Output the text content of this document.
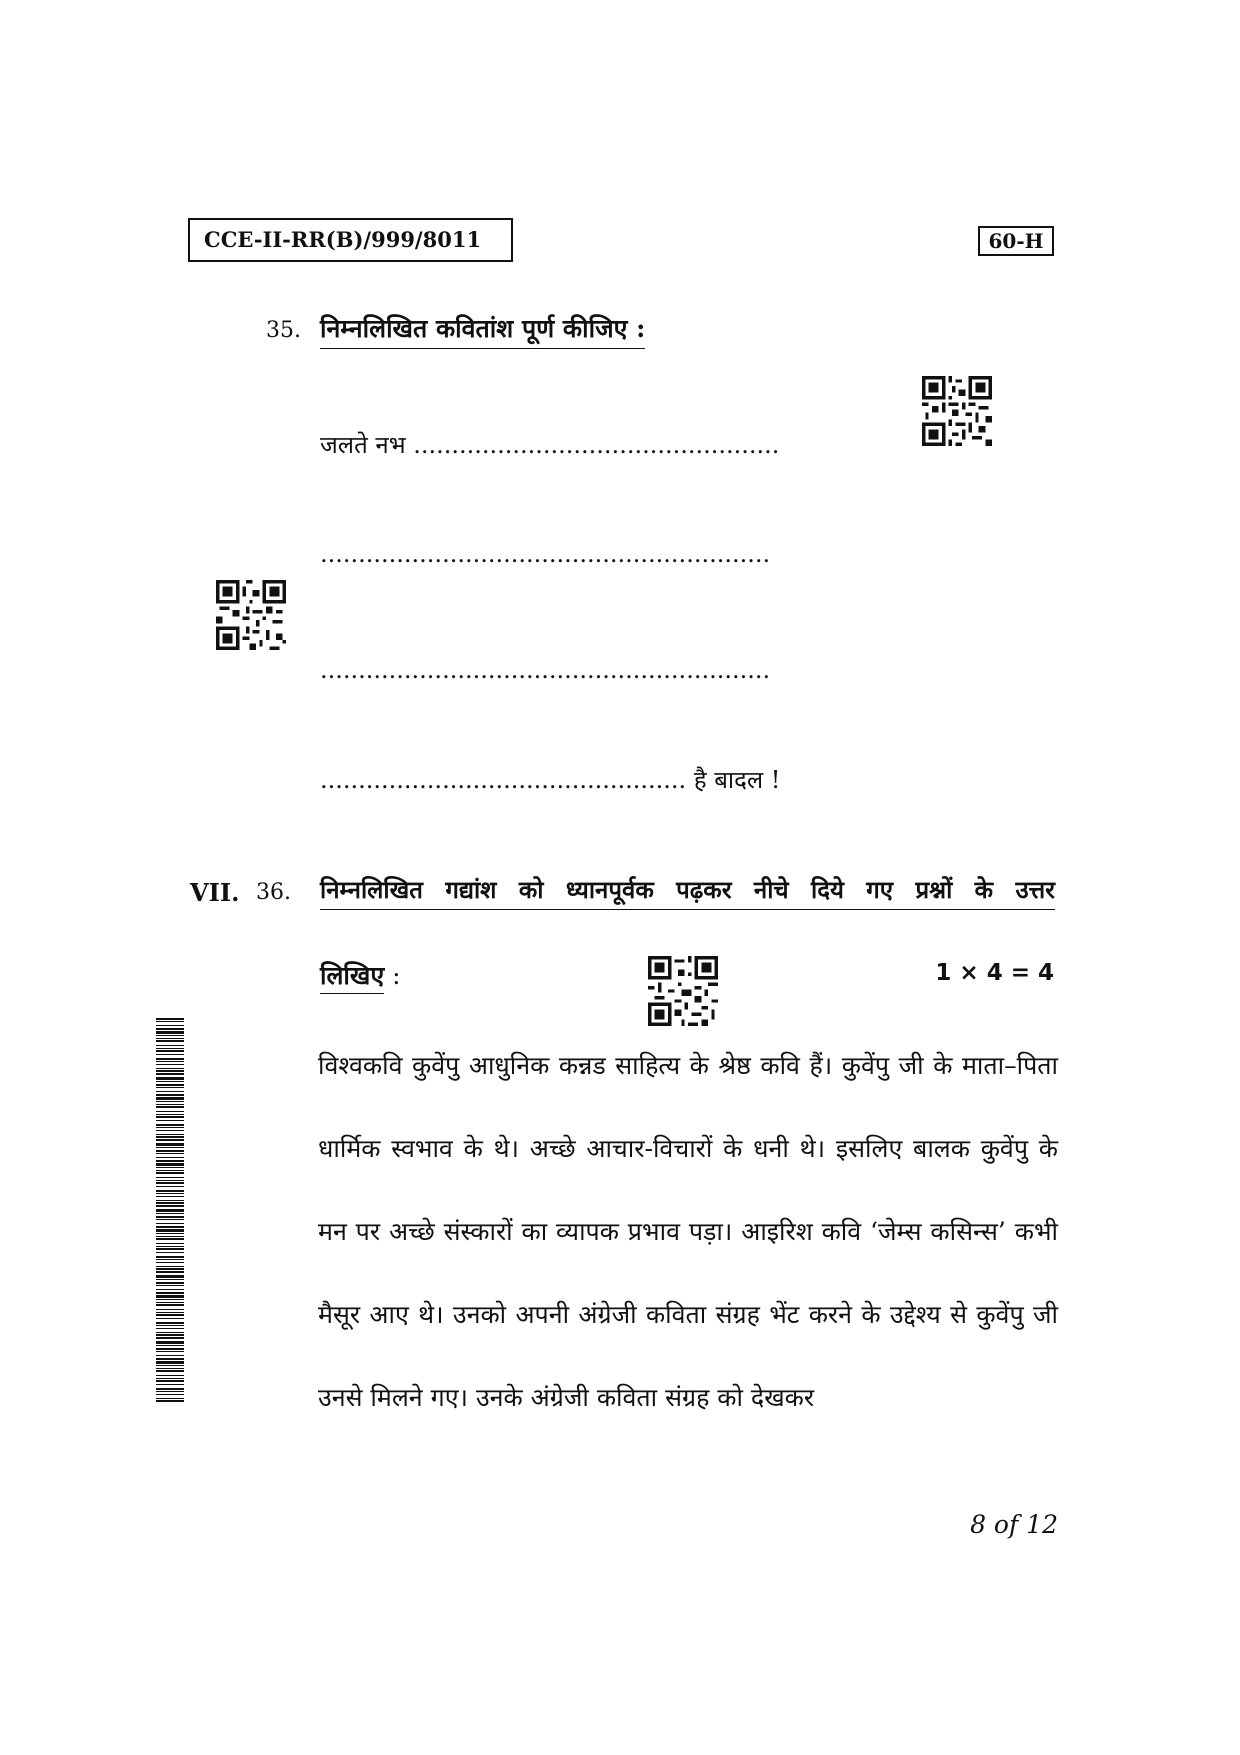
CCE-II-RR(B)/999/8011	60-H
35. निम्नलिखित कवितांश पूर्ण कीजिए :
जलते नभ ................................................
...........................................................
...........................................................
................................................ है बादल !
VII. 36. निम्नलिखित गद्यांश को ध्यानपूर्वक पढ़कर नीचे दिये गए प्रश्नों के उत्तर
लिखिए :	1 × 4 = 4
विश्वकवि कुवेंपु आधुनिक कन्नड साहित्य के श्रेष्ठ कवि हैं। कुवेंपु जी के माता–पिता धार्मिक स्वभाव के थे। अच्छे आचार-विचारों के धनी थे। इसलिए बालक कुवेंपु के मन पर अच्छे संस्कारों का व्यापक प्रभाव पड़ा। आइरिश कवि ‘जेम्स कसिन्स’ कभी मैसूर आए थे। उनको अपनी अंग्रेजी कविता संग्रह भेंट करने के उद्देश्य से कुवेंपु जी उनसे मिलने गए। उनके अंग्रेजी कविता संग्रह को देखकर
8 of 12
